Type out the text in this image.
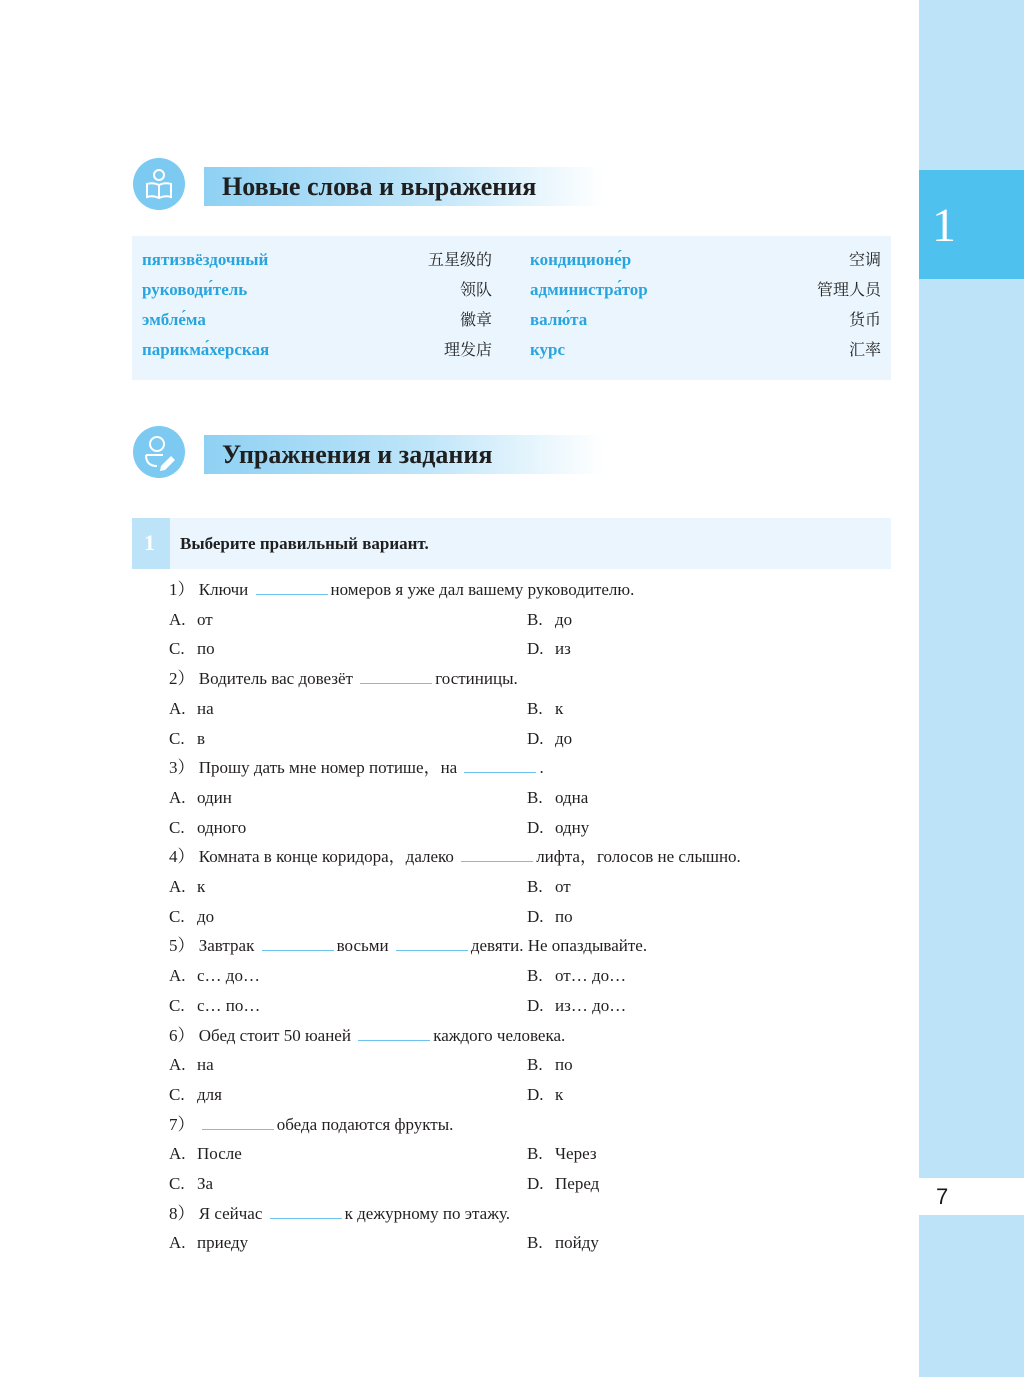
1
7
Новые слова и выражения
пятизвёздочный	五星级的 кондиционе́р	空调
руководи́тель	领队 администра́тор	管理人员
эмбле́ма	徽章 валю́та	货币
парикма́херская	理发店 курс	汇率
Упражнения и задания
1 Выберите правильный вариант.
1） Ключи	номеров я уже дал вашему руководителю.
A. от	B. до
C. по	D. из
2） Водитель вас довезёт	гостиницы.
A. на	B. к
C. в	D. до
3） Прошу дать мне номер потише，на	.
A. один	B. одна
C. одного	D. одну
4） Комната в конце коридора，далеко	лифта，голосов не слышно.
A. к	B. от
C. до	D. по
5） Завтрак	восьми	девяти. Не опаздывайте.
A. с… до…	B. от… до…
C. с… по…	D. из… до…
6） Обед стоит 50 юаней	каждого человека.
A. на	B. по
C. для	D. к
7）	обеда подаются фрукты.
A. После	B. Через
C. За	D. Перед
8） Я сейчас	к дежурному по этажу.
A. приеду	B. пойду
